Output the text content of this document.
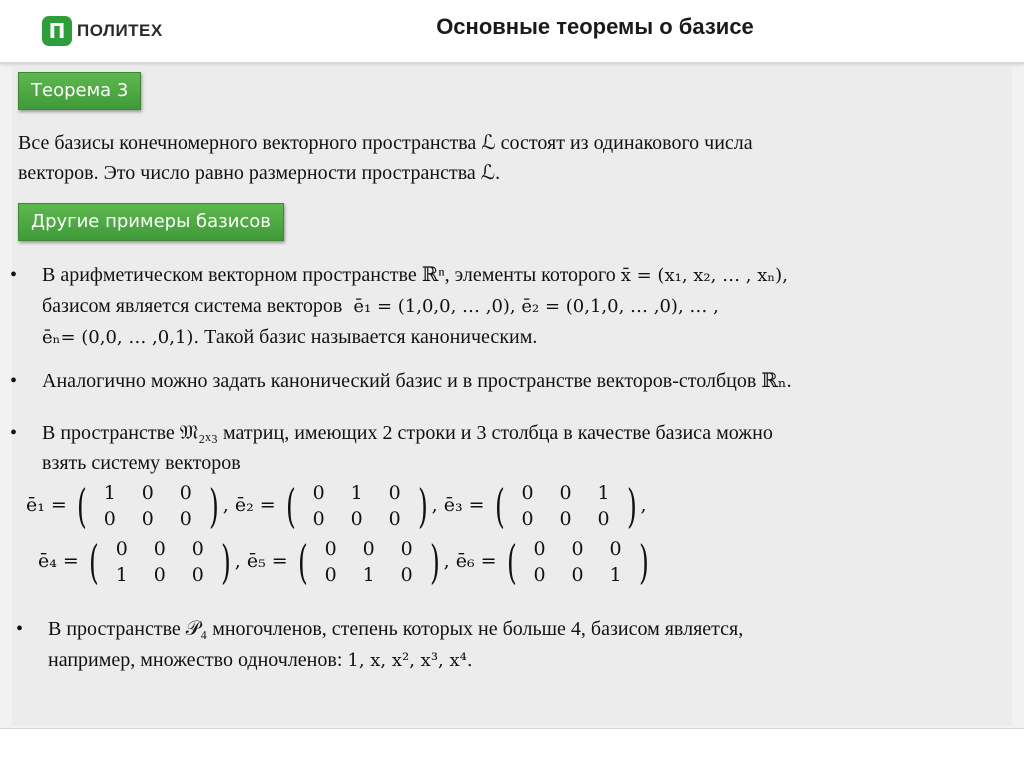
П ПОЛИТЕХ	Основные теоремы о базисе
Теорема 3
Все базисы конечномерного векторного пространства ℒ состоят из одинакового числа
векторов. Это число равно размерности пространства ℒ.
Другие примеры базисов
• В арифметическом векторном пространстве ℝⁿ, элементы которого x̄ = (x₁, x₂, … , xₙ),
базисом является система векторов ē₁ = (1,0,0, … ,0), ē₂ = (0,1,0, … ,0), … ,
ēₙ= (0,0, … ,0,1). Такой базис называется каноническим.
• Аналогично можно задать канонический базис и в пространстве векторов-столбцов ℝₙ.
• В пространстве 𝔐₂ₓ₃ матриц, имеющих 2 строки и 3 столбца в качестве базиса можно
взять систему векторов
ē₁ = ( 1	0	0
0	0	0 ) , ē₂ = ( 0	1	0
0	0	0 ) , ē₃ = ( 0	0	1
0	0	0 ) ,
ē₄ = ( 0	0	0
1	0	0 ) , ē₅ = ( 0	0	0
0	1	0 ) , ē₆ = ( 0	0	0
0	0	1 )
• В пространстве 𝒫₄ многочленов, степень которых не больше 4, базисом является,
например, множество одночленов: 1, x, x², x³, x⁴.
